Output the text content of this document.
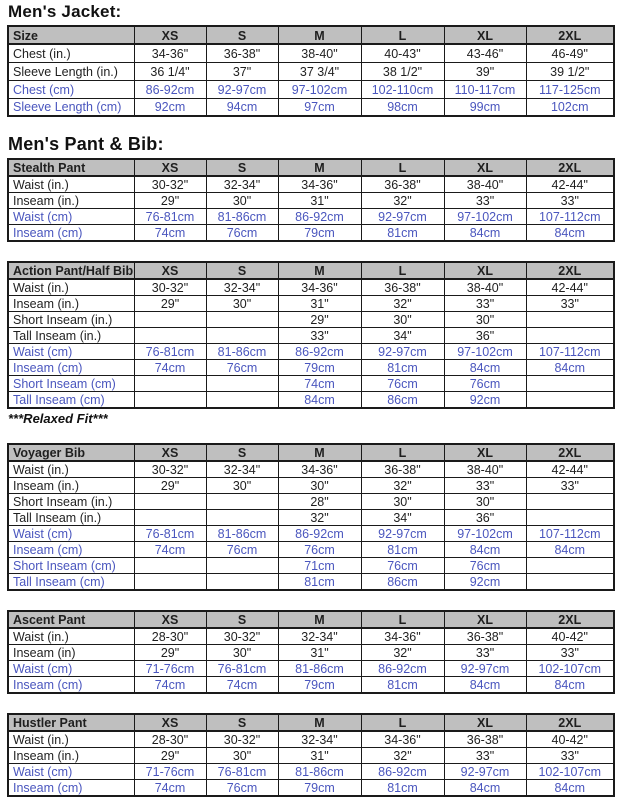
Men's Jacket:
Size	XS	S	M	L	XL	2XL
Chest (in.)	34-36"	36-38"	38-40"	40-43"	43-46"	46-49"
Sleeve Length (in.)	36 1/4"	37"	37 3/4"	38 1/2"	39"	39 1/2"
Chest (cm)	86-92cm	92-97cm	97-102cm	102-110cm	110-117cm	117-125cm
Sleeve Length (cm)	92cm	94cm	97cm	98cm	99cm	102cm
Men's Pant & Bib:
Stealth Pant	XS	S	M	L	XL	2XL
Waist (in.)	30-32"	32-34"	34-36"	36-38"	38-40"	42-44"
Inseam (in.)	29"	30"	31"	32"	33"	33"
Waist (cm)	76-81cm	81-86cm	86-92cm	92-97cm	97-102cm	107-112cm
Inseam (cm)	74cm	76cm	79cm	81cm	84cm	84cm
Action Pant/Half Bib	XS	S	M	L	XL	2XL
Waist (in.)	30-32"	32-34"	34-36"	36-38"	38-40"	42-44"
Inseam (in.)	29"	30"	31"	32"	33"	33"
Short Inseam (in.)			29"	30"	30"	
Tall Inseam (in.)			33"	34"	36"	
Waist (cm)	76-81cm	81-86cm	86-92cm	92-97cm	97-102cm	107-112cm
Inseam (cm)	74cm	76cm	79cm	81cm	84cm	84cm
Short Inseam (cm)			74cm	76cm	76cm	
Tall Inseam (cm)			84cm	86cm	92cm	
***Relaxed Fit***
Voyager Bib	XS	S	M	L	XL	2XL
Waist (in.)	30-32"	32-34"	34-36"	36-38"	38-40"	42-44"
Inseam (in.)	29"	30"	30"	32"	33"	33"
Short Inseam (in.)			28"	30"	30"	
Tall Inseam (in.)			32"	34"	36"	
Waist (cm)	76-81cm	81-86cm	86-92cm	92-97cm	97-102cm	107-112cm
Inseam (cm)	74cm	76cm	76cm	81cm	84cm	84cm
Short Inseam (cm)			71cm	76cm	76cm	
Tall Inseam (cm)			81cm	86cm	92cm	
Ascent Pant	XS	S	M	L	XL	2XL
Waist (in.)	28-30"	30-32"	32-34"	34-36"	36-38"	40-42"
Inseam (in)	29"	30"	31"	32"	33"	33"
Waist (cm)	71-76cm	76-81cm	81-86cm	86-92cm	92-97cm	102-107cm
Inseam (cm)	74cm	74cm	79cm	81cm	84cm	84cm
Hustler Pant	XS	S	M	L	XL	2XL
Waist (in.)	28-30"	30-32"	32-34"	34-36"	36-38"	40-42"
Inseam (in.)	29"	30"	31"	32"	33"	33"
Waist (cm)	71-76cm	76-81cm	81-86cm	86-92cm	92-97cm	102-107cm
Inseam (cm)	74cm	76cm	79cm	81cm	84cm	84cm
